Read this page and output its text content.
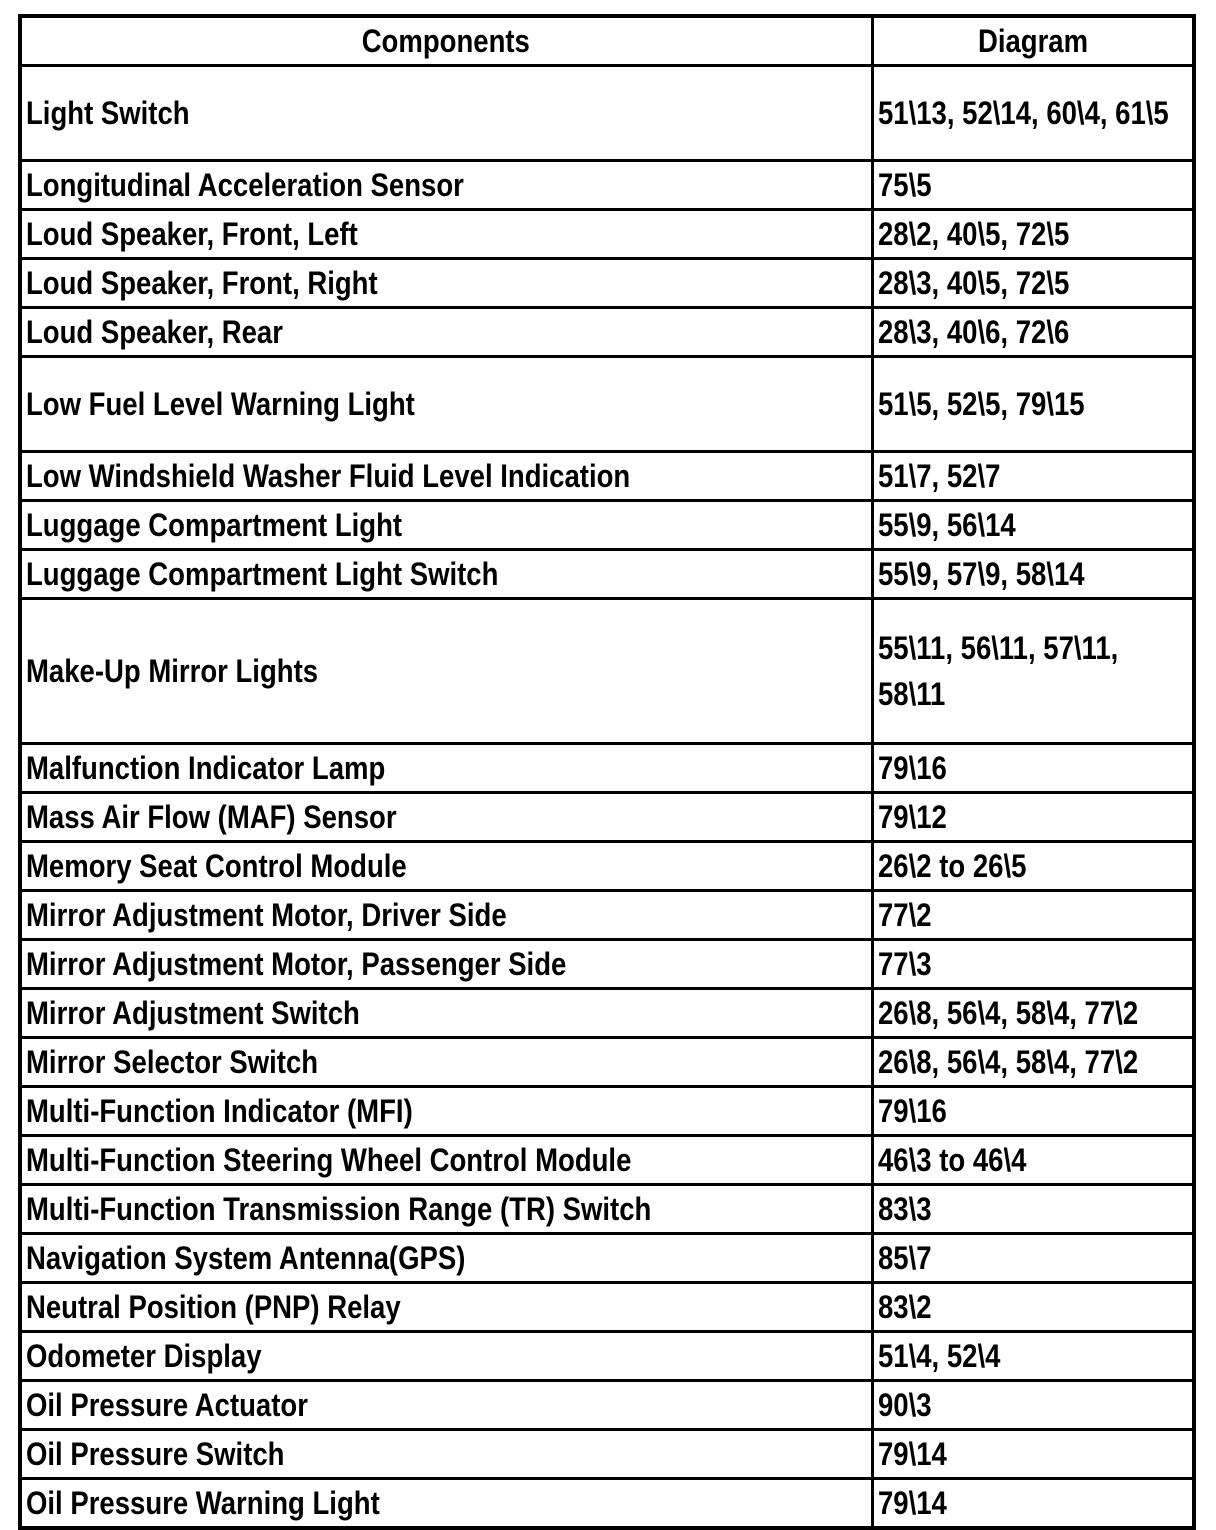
Components	Diagram
Light Switch	51\13, 52\14, 60\4, 61\5
Longitudinal Acceleration Sensor	75\5
Loud Speaker, Front, Left	28\2, 40\5, 72\5
Loud Speaker, Front, Right	28\3, 40\5, 72\5
Loud Speaker, Rear	28\3, 40\6, 72\6
Low Fuel Level Warning Light	51\5, 52\5, 79\15
Low Windshield Washer Fluid Level Indication	51\7, 52\7
Luggage Compartment Light	55\9, 56\14
Luggage Compartment Light Switch	55\9, 57\9, 58\14
Make-Up Mirror Lights	55\11, 56\11, 57\11, 58\11
Malfunction Indicator Lamp	79\16
Mass Air Flow (MAF) Sensor	79\12
Memory Seat Control Module	26\2 to 26\5
Mirror Adjustment Motor, Driver Side	77\2
Mirror Adjustment Motor, Passenger Side	77\3
Mirror Adjustment Switch	26\8, 56\4, 58\4, 77\2
Mirror Selector Switch	26\8, 56\4, 58\4, 77\2
Multi-Function Indicator (MFI)	79\16
Multi-Function Steering Wheel Control Module	46\3 to 46\4
Multi-Function Transmission Range (TR) Switch	83\3
Navigation System Antenna(GPS)	85\7
Neutral Position (PNP) Relay	83\2
Odometer Display	51\4, 52\4
Oil Pressure Actuator	90\3
Oil Pressure Switch	79\14
Oil Pressure Warning Light	79\14
